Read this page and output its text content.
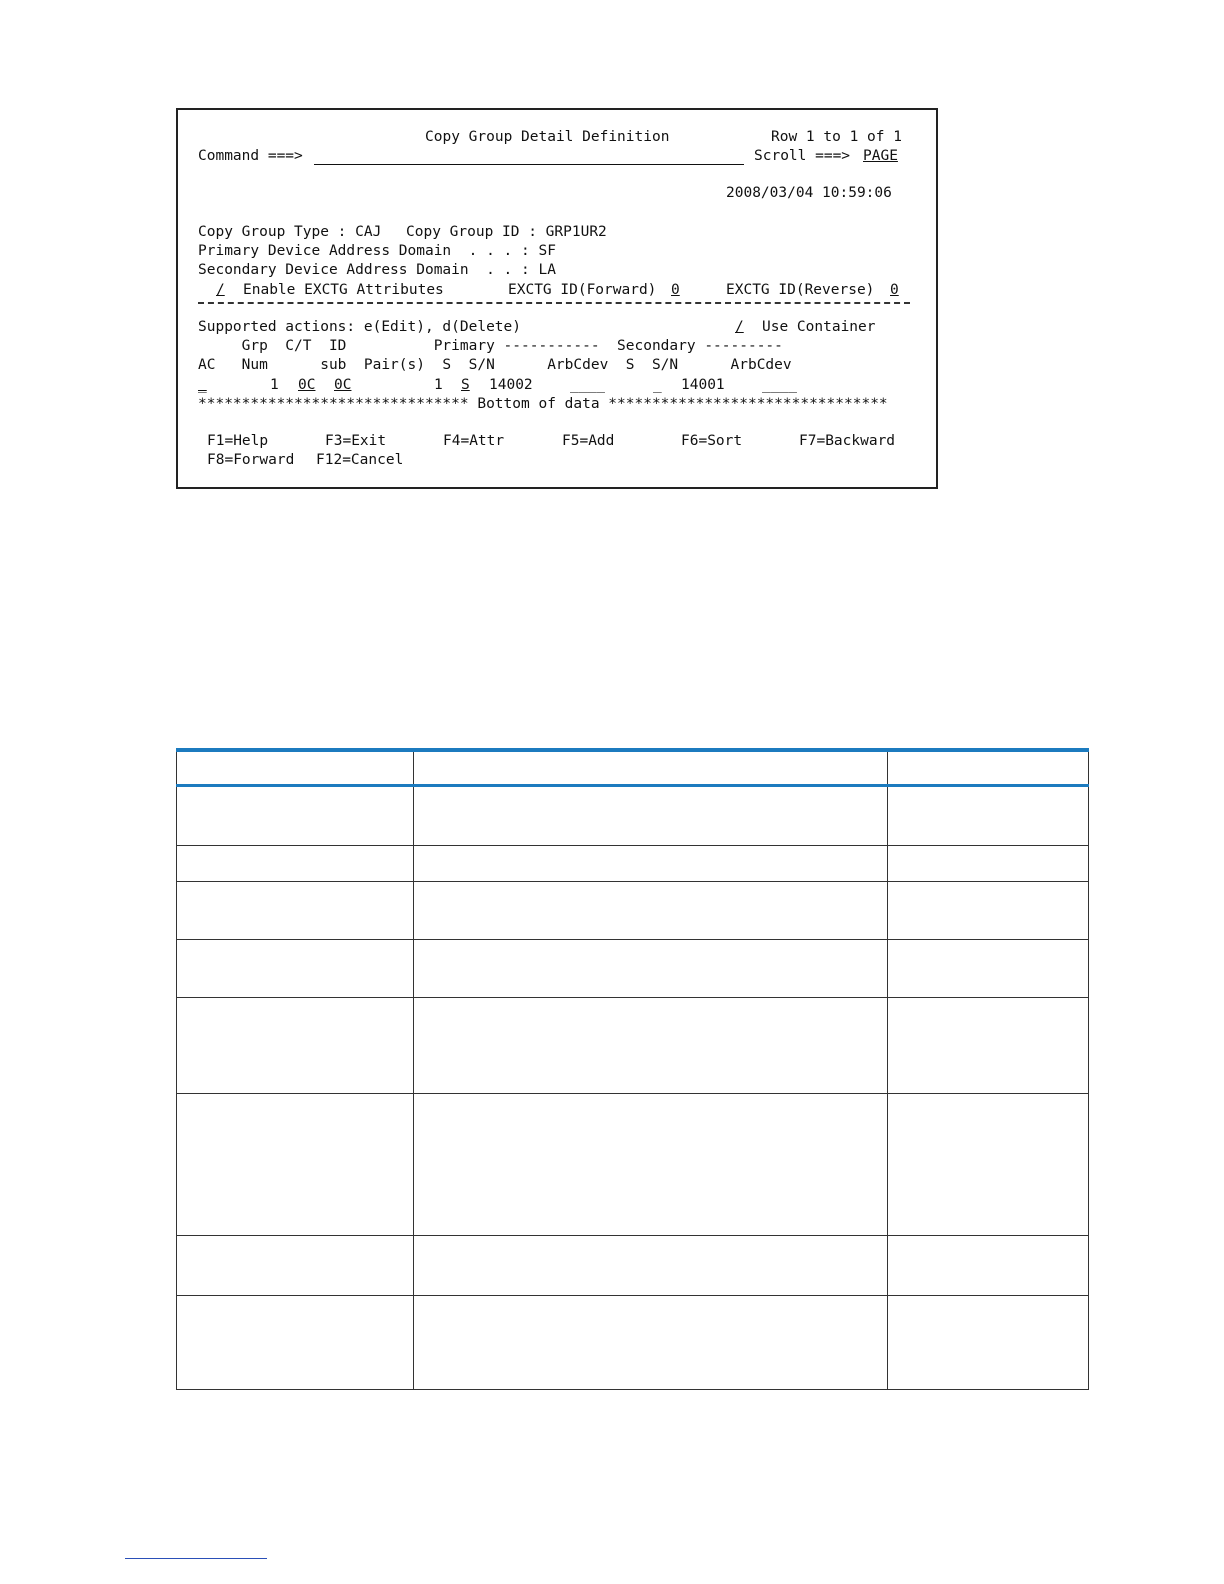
Copy Group Detail Definition	Row 1 to 1 of 1
Command ===>	Scroll ===> PAGE
2008/03/04 10:59:06
Copy Group Type : CAJ Copy Group ID : GRP1UR2
Primary Device Address Domain  . . . : SF
Secondary Device Address Domain  . . : LA
/ Enable EXCTG Attributes	EXCTG ID(Forward) 0	EXCTG ID(Reverse) 0
Supported actions: e(Edit), d(Delete)	/ Use Container
Grp  C/T  ID          Primary -----------  Secondary ---------
AC   Num      sub  Pair(s)  S  S/N      ArbCdev  S  S/N      ArbCdev
_	1 0C 0C	1 S 14002	____	_ 14001	____
******************************* Bottom of data ********************************
F1=Help	F3=Exit	F4=Attr	F5=Add	F6=Sort	F7=Backward
F8=Forward F12=Cancel
